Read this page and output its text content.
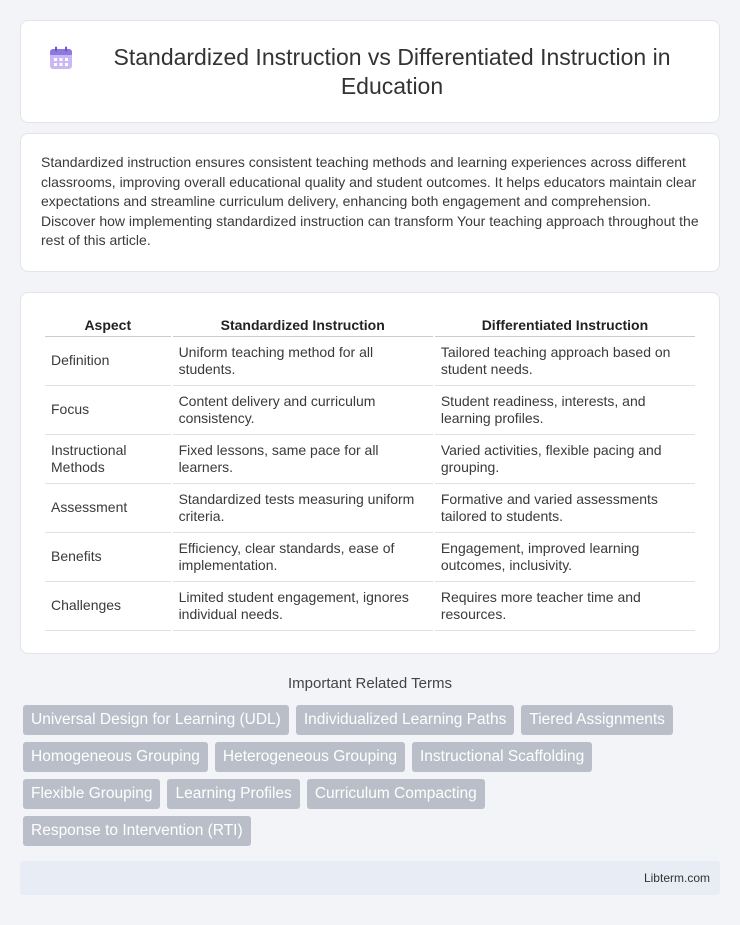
Standardized Instruction vs Differentiated Instruction in Education

Standardized instruction ensures consistent teaching methods and learning experiences across different classrooms, improving overall educational quality and student outcomes. It helps educators maintain clear expectations and streamline curriculum delivery, enhancing both engagement and comprehension. Discover how implementing standardized instruction can transform Your teaching approach throughout the rest of this article.

Aspect	Standardized Instruction	Differentiated Instruction
Definition	Uniform teaching method for all students.	Tailored teaching approach based on student needs.
Focus	Content delivery and curriculum consistency.	Student readiness, interests, and learning profiles.
Instructional Methods	Fixed lessons, same pace for all learners.	Varied activities, flexible pacing and grouping.
Assessment	Standardized tests measuring uniform criteria.	Formative and varied assessments tailored to students.
Benefits	Efficiency, clear standards, ease of implementation.	Engagement, improved learning outcomes, inclusivity.
Challenges	Limited student engagement, ignores individual needs.	Requires more teacher time and resources.
Important Related Terms
Universal Design for Learning (UDL)	Individualized Learning Paths	Tiered Assignments
Homogeneous Grouping	Heterogeneous Grouping	Instructional Scaffolding
Flexible Grouping	Learning Profiles	Curriculum Compacting
Response to Intervention (RTI)
Libterm.com
